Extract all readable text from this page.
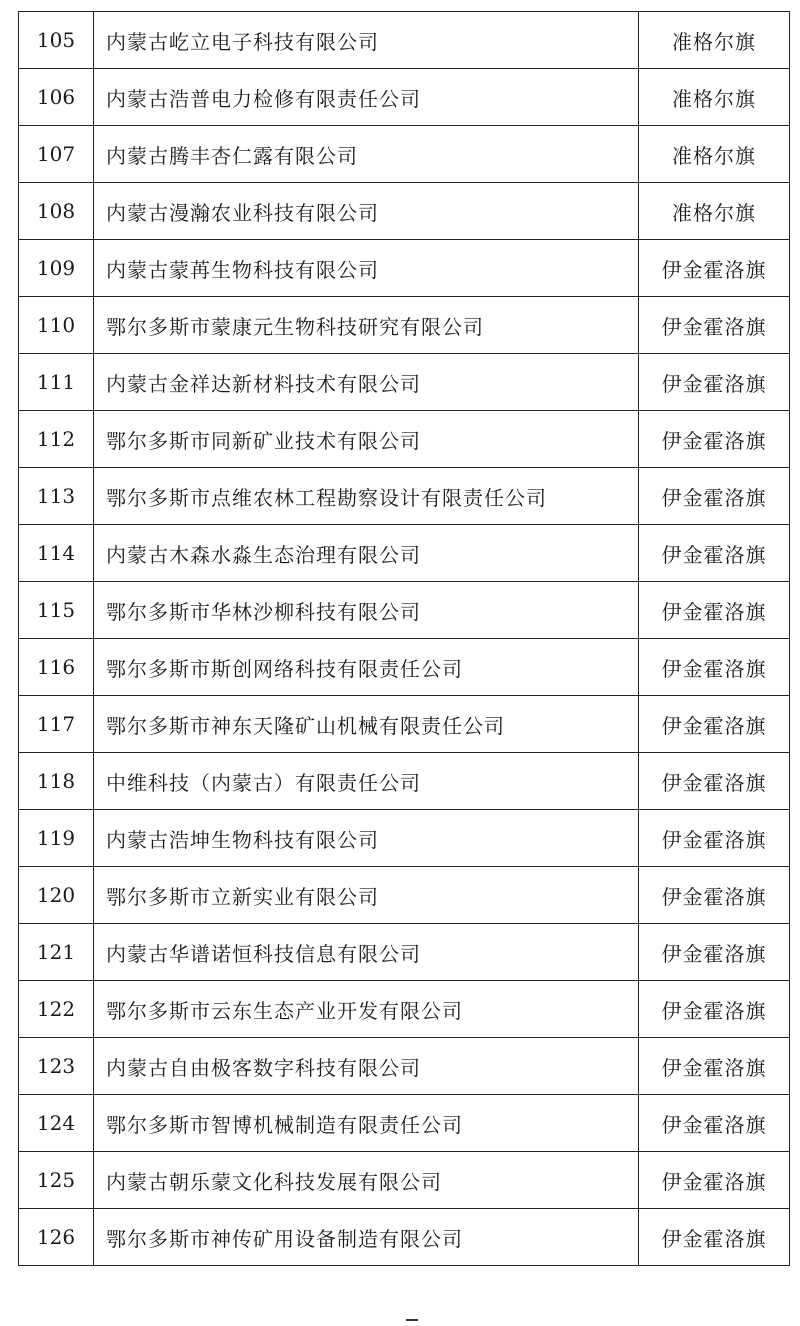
105	内蒙古屹立电子科技有限公司	准格尔旗
106	内蒙古浩普电力检修有限责任公司	准格尔旗
107	内蒙古腾丰杏仁露有限公司	准格尔旗
108	内蒙古漫瀚农业科技有限公司	准格尔旗
109	内蒙古蒙苒生物科技有限公司	伊金霍洛旗
110	鄂尔多斯市蒙康元生物科技研究有限公司	伊金霍洛旗
111	内蒙古金祥达新材料技术有限公司	伊金霍洛旗
112	鄂尔多斯市同新矿业技术有限公司	伊金霍洛旗
113	鄂尔多斯市点维农林工程勘察设计有限责任公司	伊金霍洛旗
114	内蒙古木森水淼生态治理有限公司	伊金霍洛旗
115	鄂尔多斯市华林沙柳科技有限公司	伊金霍洛旗
116	鄂尔多斯市斯创网络科技有限责任公司	伊金霍洛旗
117	鄂尔多斯市神东天隆矿山机械有限责任公司	伊金霍洛旗
118	中维科技（内蒙古）有限责任公司	伊金霍洛旗
119	内蒙古浩坤生物科技有限公司	伊金霍洛旗
120	鄂尔多斯市立新实业有限公司	伊金霍洛旗
121	内蒙古华谱诺恒科技信息有限公司	伊金霍洛旗
122	鄂尔多斯市云东生态产业开发有限公司	伊金霍洛旗
123	内蒙古自由极客数字科技有限公司	伊金霍洛旗
124	鄂尔多斯市智博机械制造有限责任公司	伊金霍洛旗
125	内蒙古朝乐蒙文化科技发展有限公司	伊金霍洛旗
126	鄂尔多斯市神传矿用设备制造有限公司	伊金霍洛旗
